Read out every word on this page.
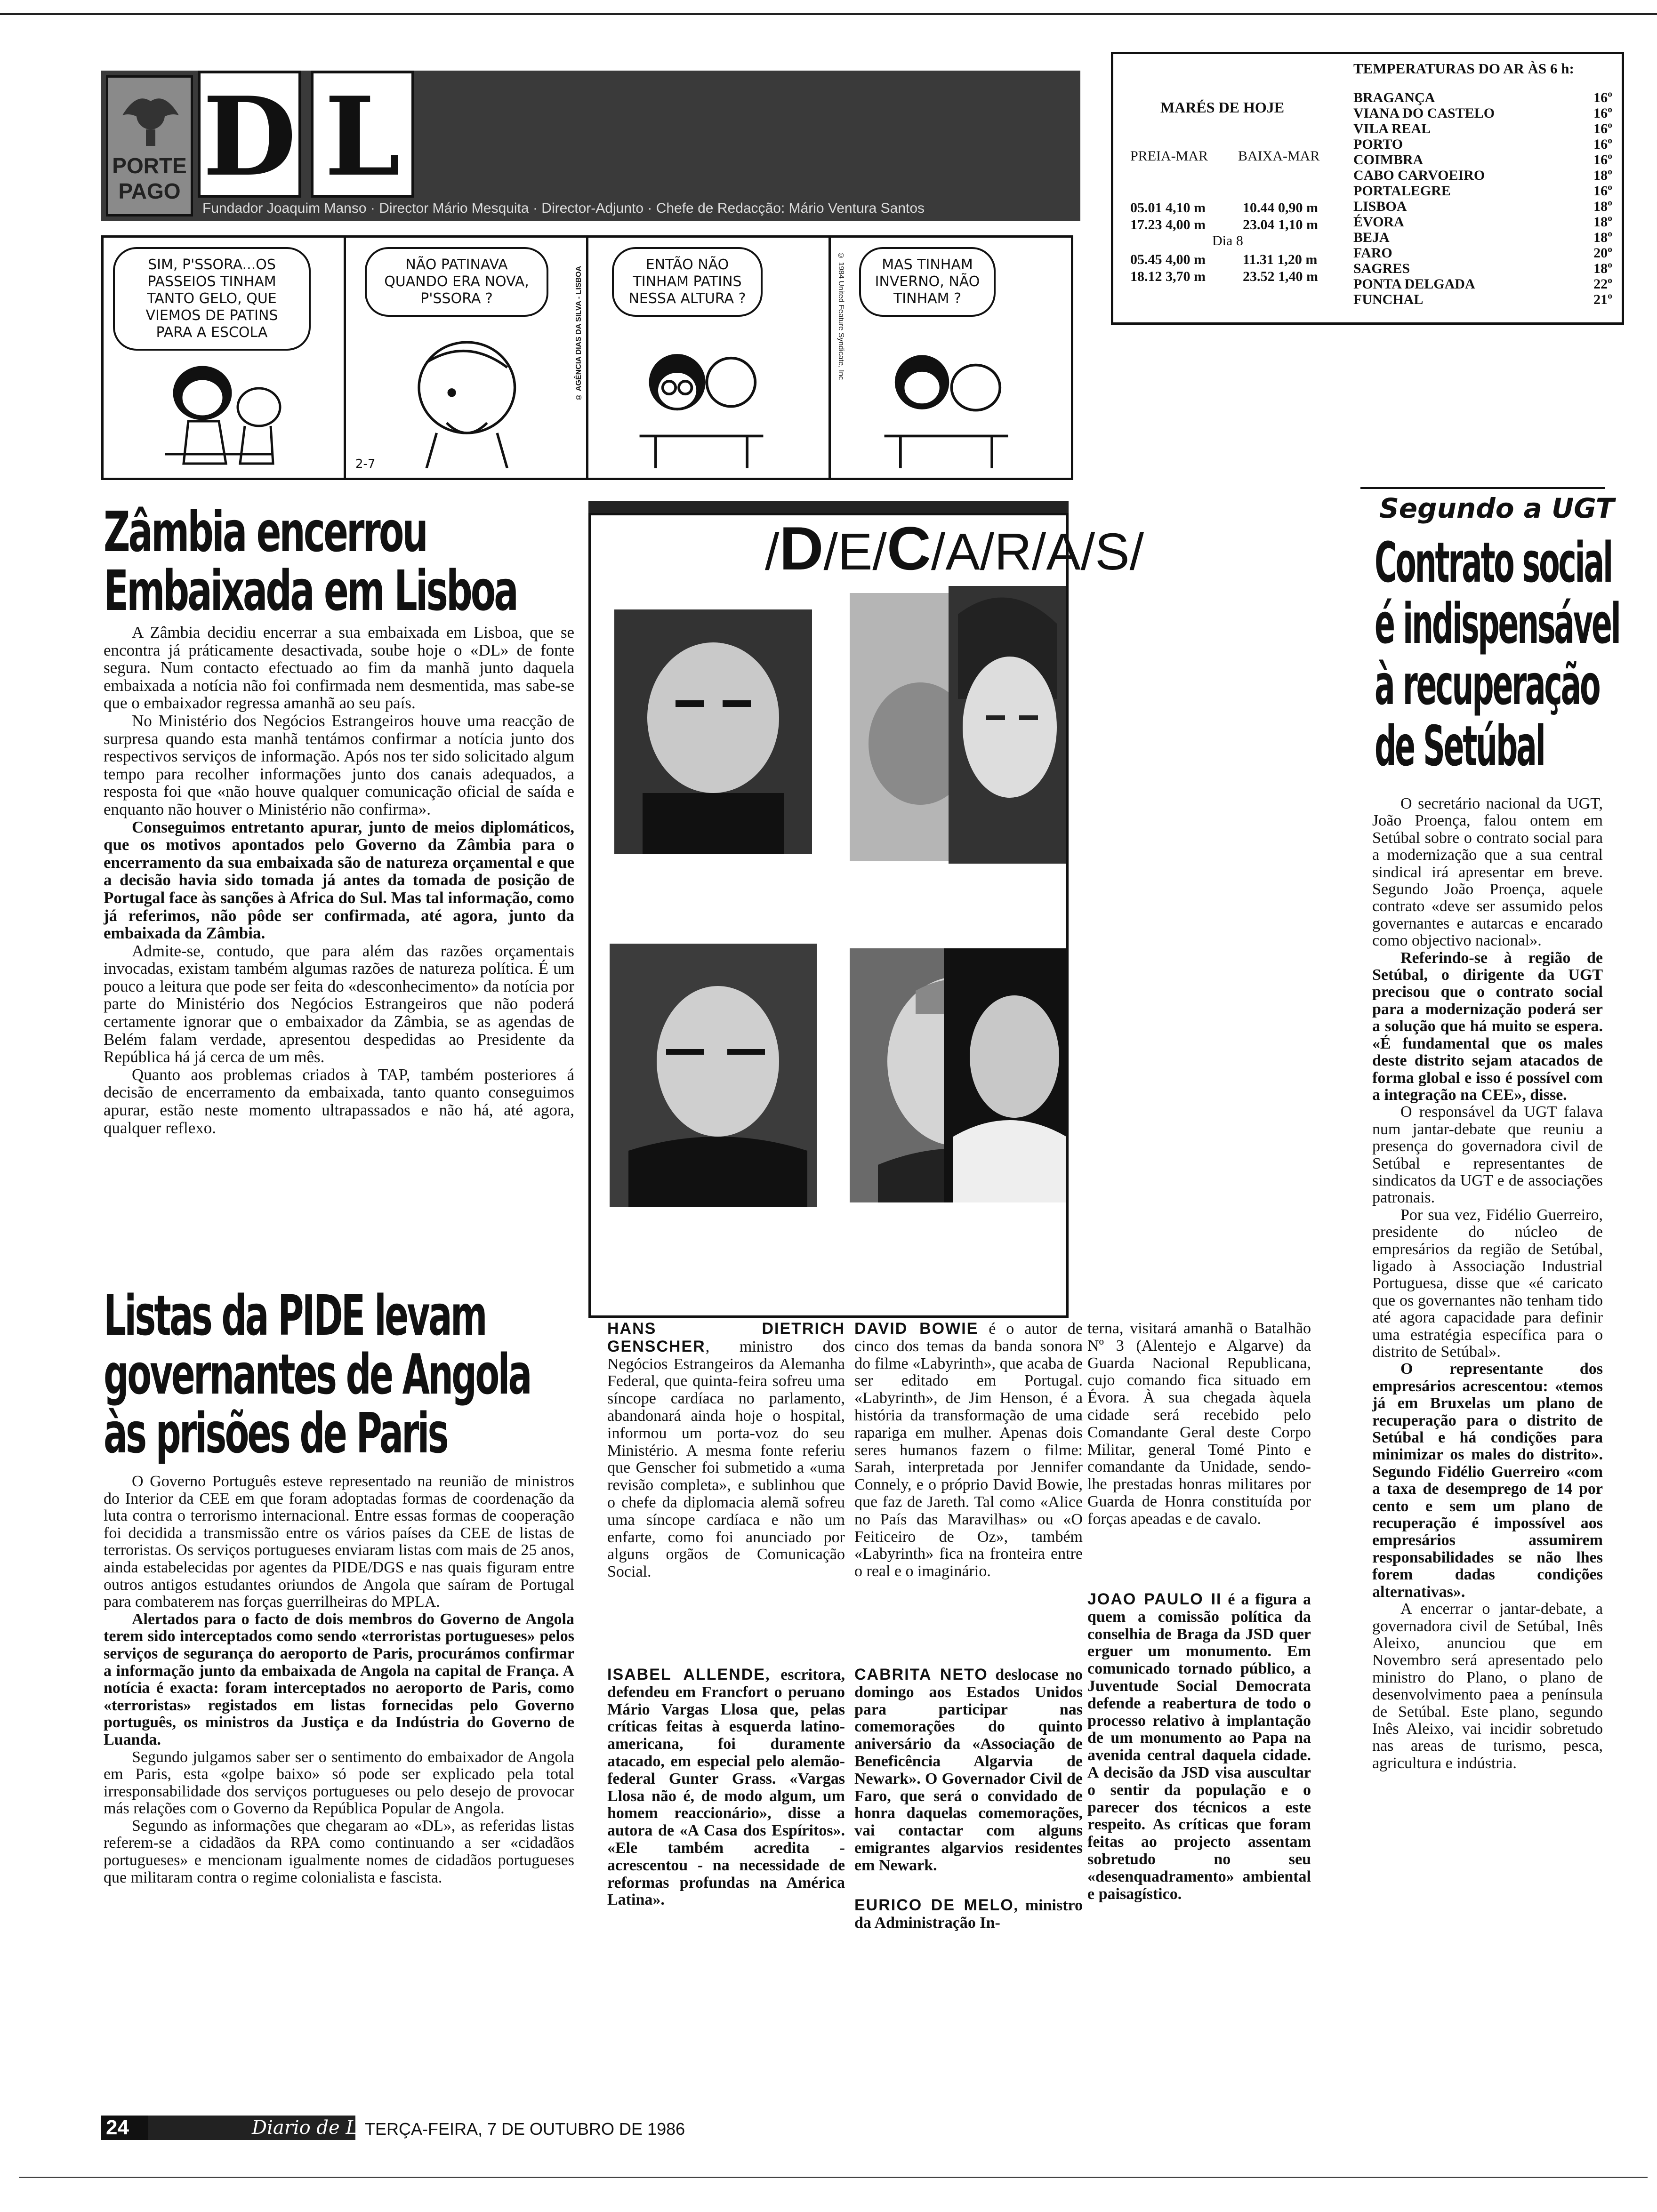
PORTE PAGO D L
Fundador Joaquim Manso · Director Mário Mesquita · Director-Adjunto · Chefe de Redacção: Mário Ventura Santos
MARÉS DE HOJE
PREIA-MAR BAIXA-MAR
05.01 4,10 m	10.44 0,90 m
17.23 4,00 m	23.04 1,10 m
Dia 8
05.45 4,00 m	11.31 1,20 m
18.12 3,70 m	23.52 1,40 m
TEMPERATURAS DO AR ÀS 6 h:
BRAGANÇA	16º
VIANA DO CASTELO	16º
VILA REAL	16º
PORTO	16º
COIMBRA	16º
CABO CARVOEIRO	18º
PORTALEGRE	16º
LISBOA	18º
ÉVORA	18º
BEJA	18º
FARO	20º
SAGRES	18º
PONTA DELGADA	22º
FUNCHAL	21º
SIM, P'SSORA...OS PASSEIOS TINHAM TANTO GELO, QUE VIEMOS DE PATINS PARA A ESCOLA
NÃO PATINAVA QUANDO ERA NOVA, P'SSORA ?
2-7
© AGÊNCIA DIAS DA SILVA - LISBOA
ENTÃO NÃO TINHAM PATINS NESSA ALTURA ?
MAS TINHAM INVERNO, NÃO TINHAM ?
© 1984 United Feature Syndicate, Inc
Zâmbia encerrou
Embaixada em Lisboa

A Zâmbia decidiu encerrar a sua embaixada em Lisboa, que se encontra já práticamente desactivada, soube hoje o «DL» de fonte segura. Num contacto efectuado ao fim da manhã junto daquela embaixada a notícia não foi confirmada nem desmentida, mas sabe-se que o embaixador regressa amanhã ao seu país.

No Ministério dos Negócios Estrangeiros houve uma reacção de surpresa quando esta manhã tentámos confirmar a notícia junto dos respectivos serviços de informação. Após nos ter sido solicitado algum tempo para recolher informações junto dos canais adequados, a resposta foi que «não houve qualquer comunicação oficial de saída e enquanto não houver o Ministério não confirma».

Conseguimos entretanto apurar, junto de meios diplomáticos, que os motivos apontados pelo Governo da Zâmbia para o encerramento da sua embaixada são de natureza orçamental e que a decisão havia sido tomada já antes da tomada de posição de Portugal face às sanções à Africa do Sul. Mas tal informação, como já referimos, não pôde ser confirmada, até agora, junto da embaixada da Zâmbia.

Admite-se, contudo, que para além das razões orçamentais invocadas, existam também algumas razões de natureza política. É um pouco a leitura que pode ser feita do «desconhecimento» da notícia por parte do Ministério dos Negócios Estrangeiros que não poderá certamente ignorar que o embaixador da Zâmbia, se as agendas de Belém falam verdade, apresentou despedidas ao Presidente da República há já cerca de um mês.

Quanto aos problemas criados à TAP, também posteriores á decisão de encerramento da embaixada, tanto quanto conseguimos apurar, estão neste momento ultrapassados e não há, até agora, qualquer reflexo.

Listas da PIDE levam
governantes de Angola
às prisões de Paris

O Governo Português esteve representado na reunião de ministros do Interior da CEE em que foram adoptadas formas de coordenação da luta contra o terrorismo internacional. Entre essas formas de cooperação foi decidida a transmissão entre os vários países da CEE de listas de terroristas. Os serviços portugueses enviaram listas com mais de 25 anos, ainda estabelecidas por agentes da PIDE/DGS e nas quais figuram entre outros antigos estudantes oriundos de Angola que saíram de Portugal para combaterem nas forças guerrilheiras do MPLA.

Alertados para o facto de dois membros do Governo de Angola terem sido interceptados como sendo «terroristas portugueses» pelos serviços de segurança do aeroporto de Paris, procurámos confirmar a informação junto da embaixada de Angola na capital de França. A notícia é exacta: foram interceptados no aeroporto de Paris, como «terroristas» registados em listas fornecidas pelo Governo português, os ministros da Justiça e da Indústria do Governo de Luanda.

Segundo julgamos saber ser o sentimento do embaixador de Angola em Paris, esta «golpe baixo» só pode ser explicado pela total irresponsabilidade dos serviços portugueses ou pelo desejo de provocar más relações com o Governo da República Popular de Angola.

Segundo as informações que chegaram ao «DL», as referidas listas referem-se a cidadãos da RPA como continuando a ser «cidadãos portugueses» e mencionam igualmente nomes de cidadãos portugueses que militaram contra o regime colonialista e fascista.

/D/E/C/A/R/A/S/
HANS DIETRICH GENSCHER, ministro dos Negócios Estrangeiros da Alemanha Federal, que quinta-feira sofreu uma síncope cardíaca no parlamento, abandonará ainda hoje o hospital, informou um porta-voz do seu Ministério. A mesma fonte referiu que Genscher foi submetido a «uma revisão completa», e sublinhou que o chefe da diplomacia alemã sofreu uma síncope cardíaca e não um enfarte, como foi anunciado por alguns orgãos de Comunicação Social.
DAVID BOWIE é o autor de cinco dos temas da banda sonora do filme «Labyrinth», que acaba de ser editado em Portugal. «Labyrinth», de Jim Henson, é a história da transformação de uma rapariga em mulher. Apenas dois seres humanos fazem o filme: Sarah, interpretada por Jennifer Connely, e o próprio David Bowie, que faz de Jareth. Tal como «Alice no País das Maravilhas» ou «O Feiticeiro de Oz», também «Labyrinth» fica na fronteira entre o real e o imaginário.
terna, visitará amanhã o Batalhão Nº 3 (Alentejo e Algarve) da Guarda Nacional Republicana, cujo comando fica situado em Évora. À sua chegada àquela cidade será recebido pelo Comandante Geral deste Corpo Militar, general Tomé Pinto e comandante da Unidade, sendo-lhe prestadas honras militares por Guarda de Honra constituída por forças apeadas e de cavalo.
ISABEL ALLENDE, escritora, defendeu em Francfort o peruano Mário Vargas Llosa que, pelas críticas feitas à esquerda latino-americana, foi duramente atacado, em especial pelo alemão-federal Gunter Grass. «Vargas Llosa não é, de modo algum, um homem reaccionário», disse a autora de «A Casa dos Espíritos». «Ele também acredita - acrescentou - na necessidade de reformas profundas na América Latina».
CABRITA NETO deslocase no domingo aos Estados Unidos para participar nas comemorações do quinto aniversário da «Associação de Beneficência Algarvia de Newark». O Governador Civil de Faro, que será o convidado de honra daquelas comemorações, vai contactar com alguns emigrantes algarvios residentes em Newark.
EURICO DE MELO, ministro da Administração In-
JOAO PAULO II é a figura a quem a comissão política da conselhia de Braga da JSD quer erguer um monumento. Em comunicado tornado público, a Juventude Social Democrata defende a reabertura de todo o processo relativo à implantação de um monumento ao Papa na avenida central daquela cidade. A decisão da JSD visa auscultar o sentir da população e o parecer dos técnicos a este respeito. As críticas que foram feitas ao projecto assentam sobretudo no seu «desenquadramento» ambiental e paisagístico.
Segundo a UGT
Contrato social
é indispensável
à recuperação
de Setúbal

O secretário nacional da UGT, João Proença, falou ontem em Setúbal sobre o contrato social para a modernização que a sua central sindical irá apresentar em breve. Segundo João Proença, aquele contrato «deve ser assumido pelos governantes e autarcas e encarado como objectivo nacional».

Referindo-se à região de Setúbal, o dirigente da UGT precisou que o contrato social para a modernização poderá ser a solução que há muito se espera. «É fundamental que os males deste distrito sejam atacados de forma global e isso é possível com a integração na CEE», disse.

O responsável da UGT falava num jantar-debate que reuniu a presença do governadora civil de Setúbal e representantes de sindicatos da UGT e de associações patronais.

Por sua vez, Fidélio Guerreiro, presidente do núcleo de empresários da região de Setúbal, ligado à Associação Industrial Portuguesa, disse que «é caricato que os governantes não tenham tido até agora capacidade para definir uma estratégia específica para o distrito de Setúbal».

O representante dos empresários acrescentou: «temos já em Bruxelas um plano de recuperação para o distrito de Setúbal e há condições para minimizar os males do distrito». Segundo Fidélio Guerreiro «com a taxa de desemprego de 14 por cento e sem um plano de recuperação é impossível aos empresários assumirem responsabilidades se não lhes forem dadas condições alternativas».

A encerrar o jantar-debate, a governadora civil de Setúbal, Inês Aleixo, anunciou que em Novembro será apresentado pelo ministro do Plano, o plano de desenvolvimento paea a península de Setúbal. Este plano, segundo Inês Aleixo, vai incidir sobretudo nas areas de turismo, pesca, agricultura e indústria.

24	Diario de Lisboa
TERÇA-FEIRA, 7 DE OUTUBRO DE 1986
